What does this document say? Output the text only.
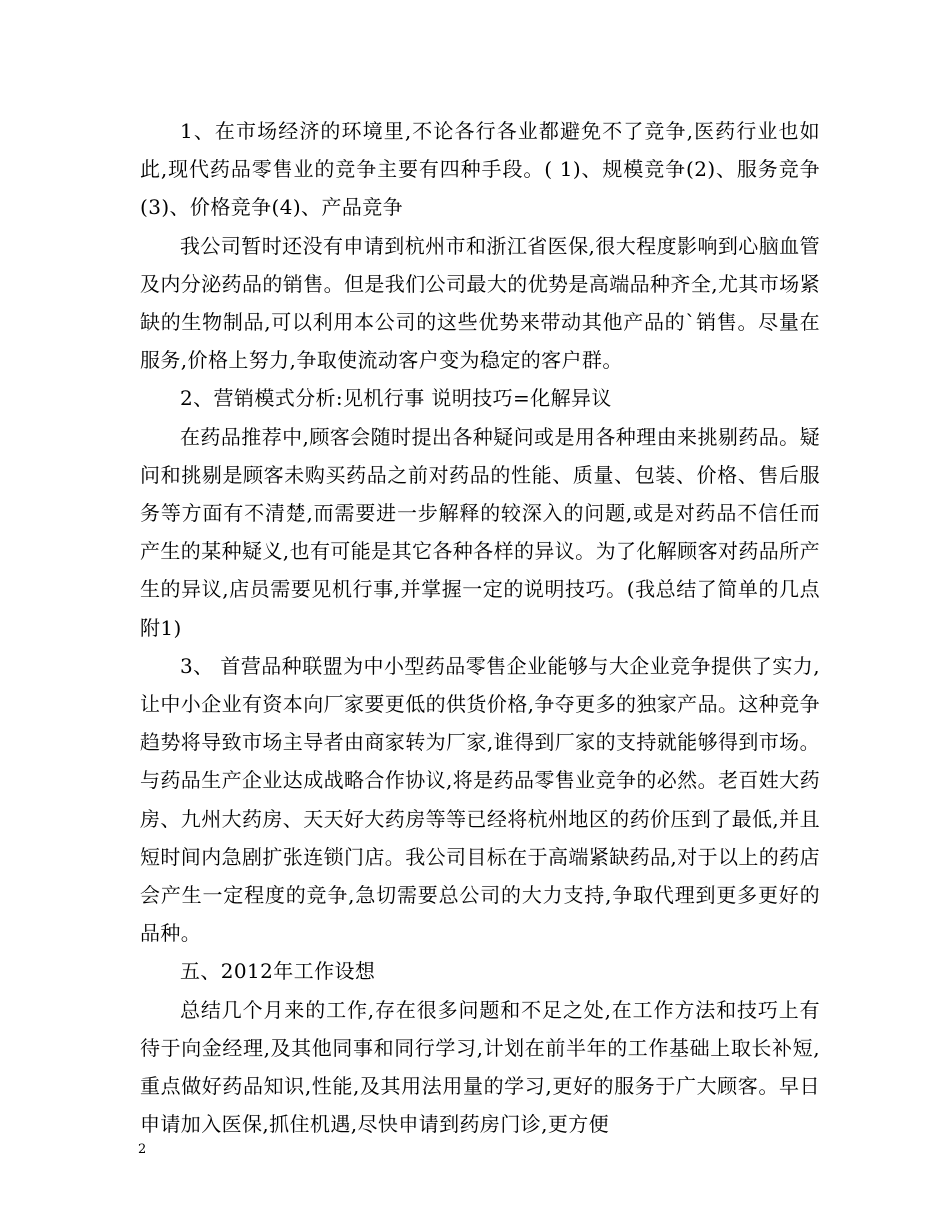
1、在市场经济的环境里,不论各行各业都避免不了竞争,医药行业也如此,现代药品零售业的竞争主要有四种手段。( 1)、规模竞争(2)、服务竞争(3)、价格竞争(4)、产品竞争

我公司暂时还没有申请到杭州市和浙江省医保,很大程度影响到心脑血管及内分泌药品的销售。但是我们公司最大的优势是高端品种齐全,尤其市场紧缺的生物制品,可以利用本公司的这些优势来带动其他产品的`销售。尽量在服务,价格上努力,争取使流动客户变为稳定的客户群。

2、营销模式分析:见机行事 说明技巧=化解异议

在药品推荐中,顾客会随时提出各种疑问或是用各种理由来挑剔药品。疑问和挑剔是顾客未购买药品之前对药品的性能、质量、包装、价格、售后服务等方面有不清楚,而需要进一步解释的较深入的问题,或是对药品不信任而产生的某种疑义,也有可能是其它各种各样的异议。为了化解顾客对药品所产生的异议,店员需要见机行事,并掌握一定的说明技巧。(我总结了简单的几点附1)

3、 首营品种联盟为中小型药品零售企业能够与大企业竞争提供了实力,让中小企业有资本向厂家要更低的供货价格,争夺更多的独家产品。这种竞争趋势将导致市场主导者由商家转为厂家,谁得到厂家的支持就能够得到市场。与药品生产企业达成战略合作协议,将是药品零售业竞争的必然。老百姓大药房、九州大药房、天天好大药房等等已经将杭州地区的药价压到了最低,并且短时间内急剧扩张连锁门店。我公司目标在于高端紧缺药品,对于以上的药店会产生一定程度的竞争,急切需要总公司的大力支持,争取代理到更多更好的品种。

五、2012年工作设想

总结几个月来的工作,存在很多问题和不足之处,在工作方法和技巧上有待于向金经理,及其他同事和同行学习,计划在前半年的工作基础上取长补短,重点做好药品知识,性能,及其用法用量的学习,更好的服务于广大顾客。早日申请加入医保,抓住机遇,尽快申请到药房门诊,更方便

2
